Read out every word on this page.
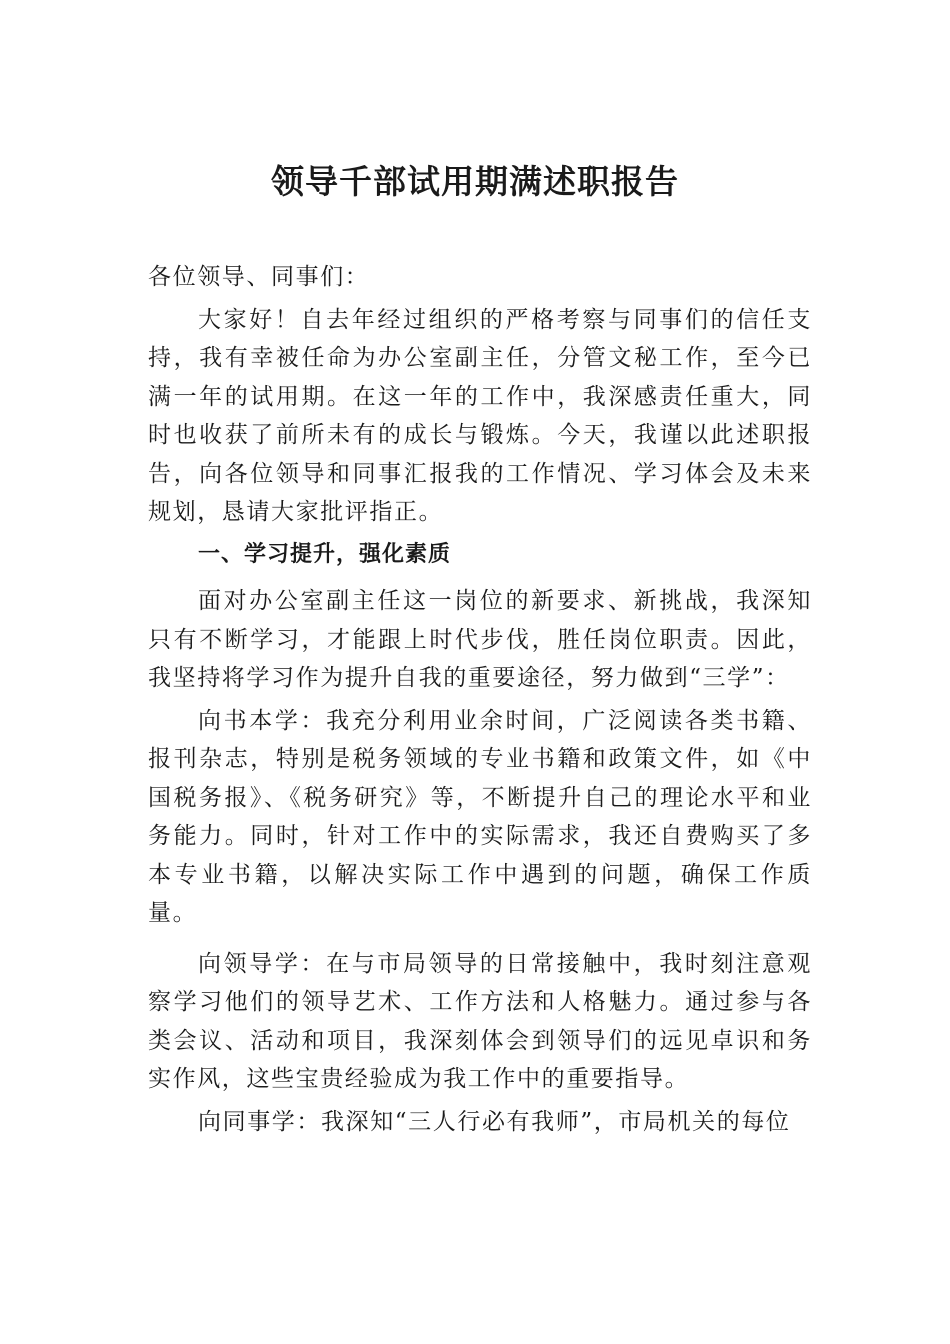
领导千部试用期满述职报告

各位领导、同事们：

大家好！自去年经过组织的严格考察与同事们的信任支持，我有幸被任命为办公室副主任，分管文秘工作，至今已满一年的试用期。在这一年的工作中，我深感责任重大，同　时也收获了前所未有的成长与锻炼。今天，我谨以此述职报　告，向各位领导和同事汇报我的工作情况、学习体会及未来　规划，恳请大家批评指正。

一、学习提升，强化素质

面对办公室副主任这一岗位的新要求、新挑战，我深知只有不断学习，才能跟上时代步伐，胜任岗位职责。因此，我坚持将学习作为提升自我的重要途径，努力做到“三学”：

向书本学：我充分利用业余时间，广泛阅读各类书籍、报刊杂志，特别是税务领域的专业书籍和政策文件，如《中国税务报》、《税务研究》等，不断提升自己的理论水平和业务能力。同时，针对工作中的实际需求，我还自费购买了多本专业书籍，以解决实际工作中遇到的问题，确保工作质量。

向领导学：在与市局领导的日常接触中，我时刻注意观察学习他们的领导艺术、工作方法和人格魅力。通过参与各类会议、活动和项目，我深刻体会到领导们的远见卓识和务实作风，这些宝贵经验成为我工作中的重要指导。

向同事学：我深知“三人行必有我师”，市局机关的每位
